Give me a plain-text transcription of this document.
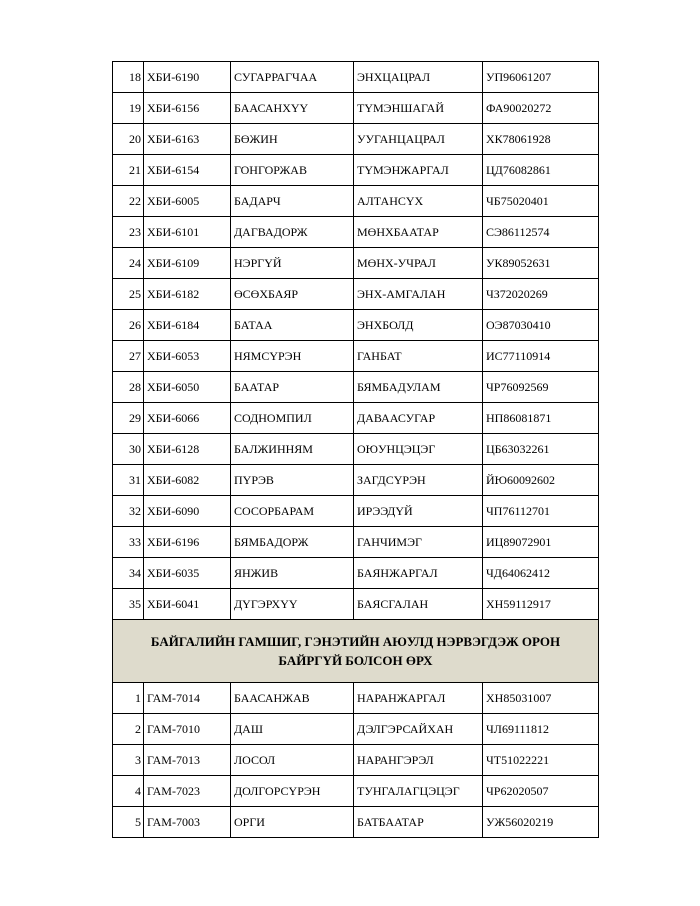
18	ХБИ-6190	СУГАРРАГЧАА	ЭНХЦАЦРАЛ	УП96061207
19	ХБИ-6156	БААСАНХҮҮ	ТҮМЭНШАГАЙ	ФА90020272
20	ХБИ-6163	БӨЖИН	УУГАНЦАЦРАЛ	ХК78061928
21	ХБИ-6154	ГОНГОРЖАВ	ТҮМЭНЖАРГАЛ	ЦД76082861
22	ХБИ-6005	БАДАРЧ	АЛТАНСҮХ	ЧБ75020401
23	ХБИ-6101	ДАГВАДОРЖ	МӨНХБААТАР	СЭ86112574
24	ХБИ-6109	НЭРГҮЙ	МӨНХ-УЧРАЛ	УК89052631
25	ХБИ-6182	ӨСӨХБАЯР	ЭНХ-АМГАЛАН	ЧЗ72020269
26	ХБИ-6184	БАТАА	ЭНХБОЛД	ОЭ87030410
27	ХБИ-6053	НЯМСҮРЭН	ГАНБАТ	ИС77110914
28	ХБИ-6050	БААТАР	БЯМБАДУЛАМ	ЧР76092569
29	ХБИ-6066	СОДНОМПИЛ	ДАВААСУГАР	НП86081871
30	ХБИ-6128	БАЛЖИННЯМ	ОЮУНЦЭЦЭГ	ЦБ63032261
31	ХБИ-6082	ПҮРЭВ	ЗАГДСҮРЭН	ЙЮ60092602
32	ХБИ-6090	СОСОРБАРАМ	ИРЭЭДҮЙ	ЧП76112701
33	ХБИ-6196	БЯМБАДОРЖ	ГАНЧИМЭГ	ИЦ89072901
34	ХБИ-6035	ЯНЖИВ	БАЯНЖАРГАЛ	ЧД64062412
35	ХБИ-6041	ДҮГЭРХҮҮ	БАЯСГАЛАН	ХН59112917
БАЙГАЛИЙН ГАМШИГ, ГЭНЭТИЙН АЮУЛД НЭРВЭГДЭЖ ОРОН БАЙРГҮЙ БОЛСОН ӨРХ				
1	ГАМ-7014	БААСАНЖАВ	НАРАНЖАРГАЛ	ХН85031007
2	ГАМ-7010	ДАШ	ДЭЛГЭРСАЙХАН	ЧЛ69111812
3	ГАМ-7013	ЛОСОЛ	НАРАНГЭРЭЛ	ЧТ51022221
4	ГАМ-7023	ДОЛГОРСҮРЭН	ТУНГАЛАГЦЭЦЭГ	ЧР62020507
5	ГАМ-7003	ОРГИ	БАТБААТАР	УЖ56020219
